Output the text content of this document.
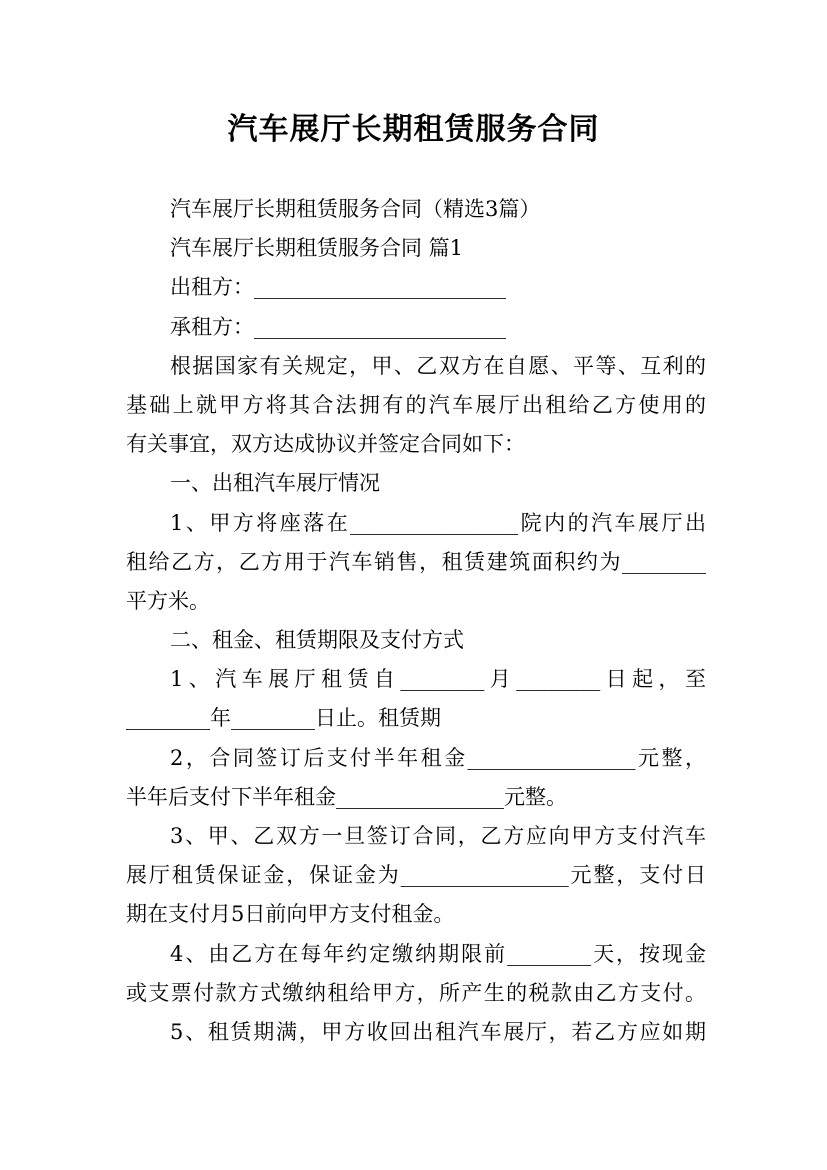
汽车展厅长期租赁服务合同
汽车展厅长期租赁服务合同（精选3篇）
汽车展厅长期租赁服务合同 篇1
出租方：________________________
承租方：________________________
根据国家有关规定，甲、乙双方在自愿、平等、互利的
基础上就甲方将其合法拥有的汽车展厅出租给乙方使用的
有关事宜，双方达成协议并签定合同如下：
一、出租汽车展厅情况
1、甲方将座落在________________院内的汽车展厅出
租给乙方，乙方用于汽车销售，租赁建筑面积约为________
平方米。
二、租金、租赁期限及支付方式
1、汽车展厅租赁自________月________日起，至
________年________日止。租赁期
2，合同签订后支付半年租金________________元整，
半年后支付下半年租金________________元整。
3、甲、乙双方一旦签订合同，乙方应向甲方支付汽车
展厅租赁保证金，保证金为________________元整，支付日
期在支付月5日前向甲方支付租金。
4、由乙方在每年约定缴纳期限前________天，按现金
或支票付款方式缴纳租给甲方，所产生的税款由乙方支付。
5、租赁期满，甲方收回出租汽车展厅，若乙方应如期
